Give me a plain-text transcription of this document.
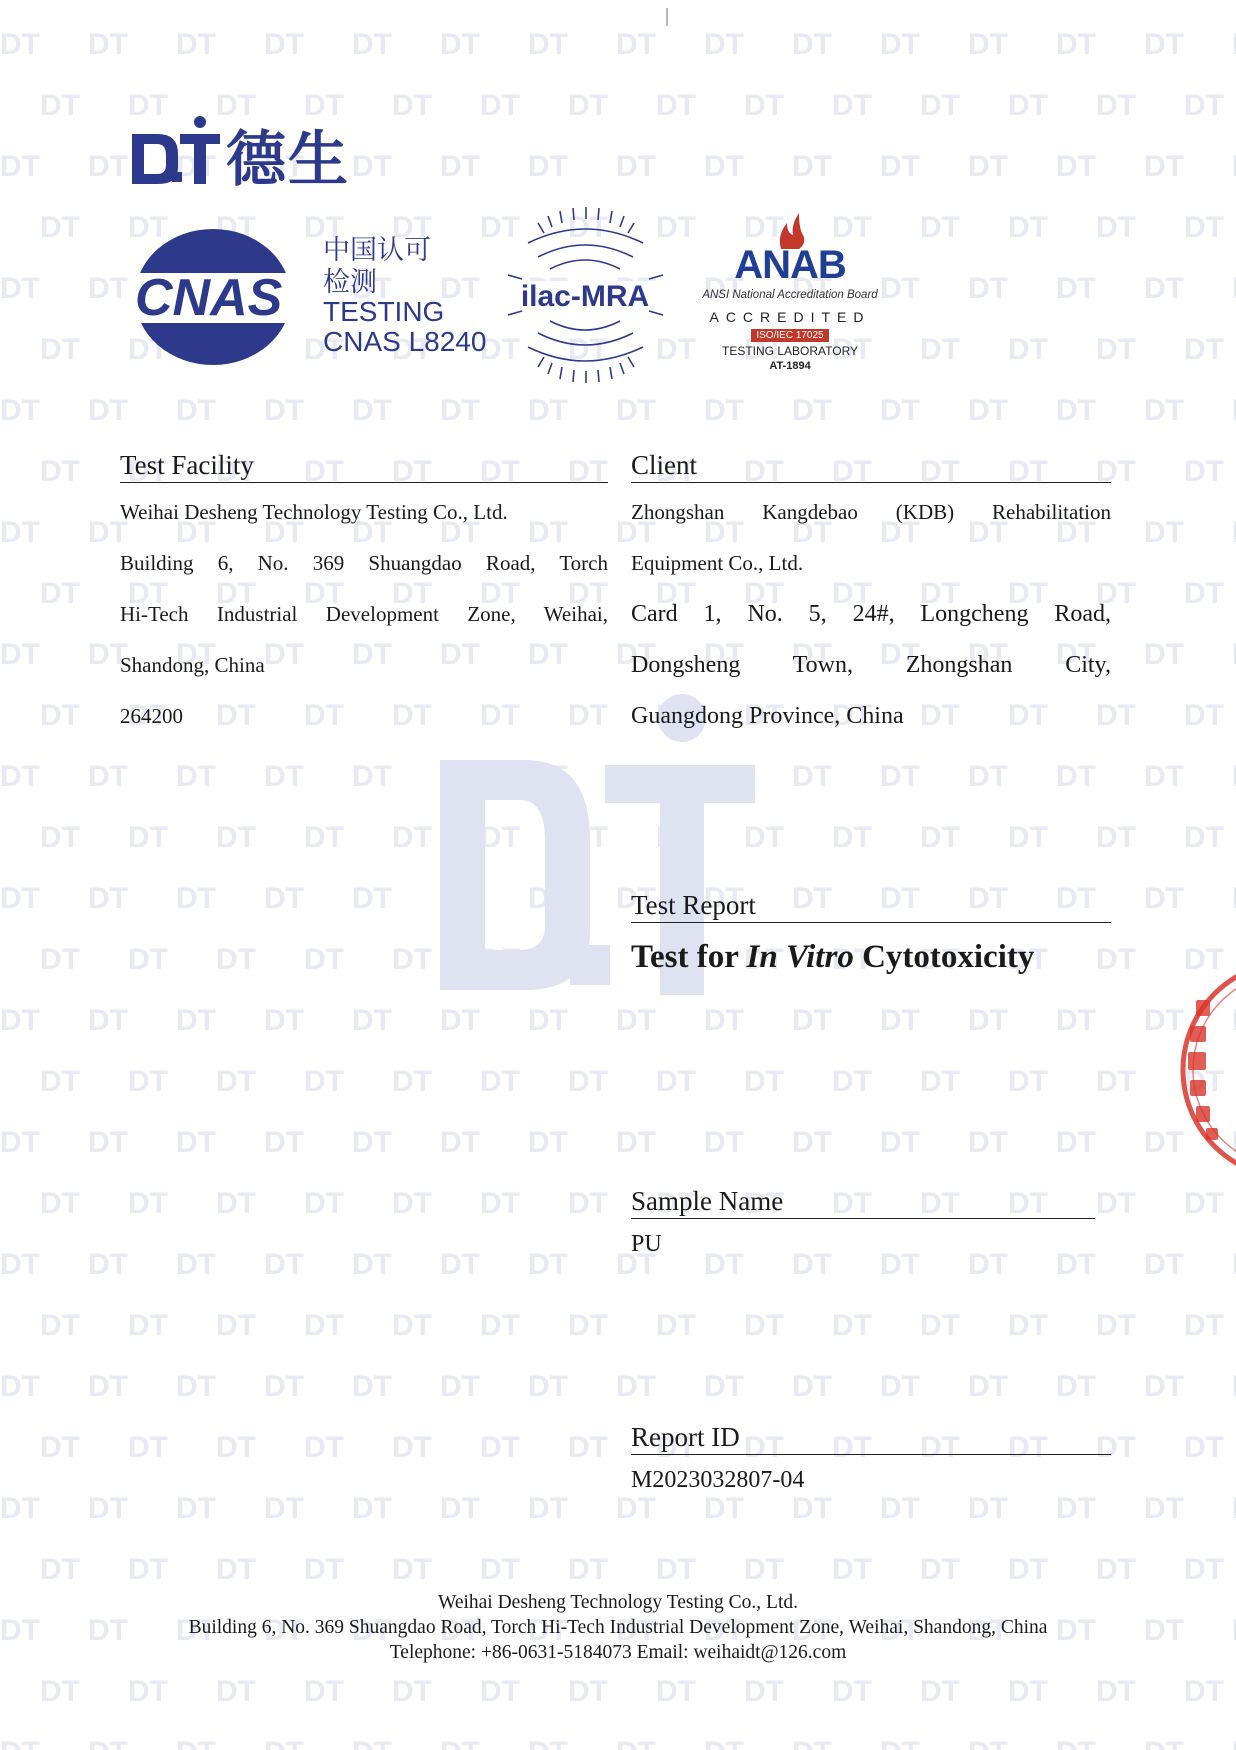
德生
CNAS
中国认可
检测
TESTING
CNAS L8240
ilac-MRA
ANAB
ANSI National Accreditation Board
ACCREDITED
ISO/IEC 17025
TESTING LABORATORY
AT-1894
Test Facility
Weihai Desheng Technology Testing Co., Ltd.
Building 6, No. 369 Shuangdao Road, Torch
Hi-Tech Industrial Development Zone, Weihai,
Shandong, China
264200
Client
Zhongshan Kangdebao (KDB) Rehabilitation
Equipment Co., Ltd.
Card 1, No. 5, 24#, Longcheng Road,
Dongsheng Town, Zhongshan City,
Guangdong Province, China
Test Report
Test for In Vitro Cytotoxicity
Sample Name
PU
Report ID
M2023032807-04
Weihai Desheng Technology Testing Co., Ltd.
Building 6, No. 369 Shuangdao Road, Torch Hi-Tech Industrial Development Zone, Weihai, Shandong, China
Telephone: +86-0631-5184073 Email: weihaidt@126.com
